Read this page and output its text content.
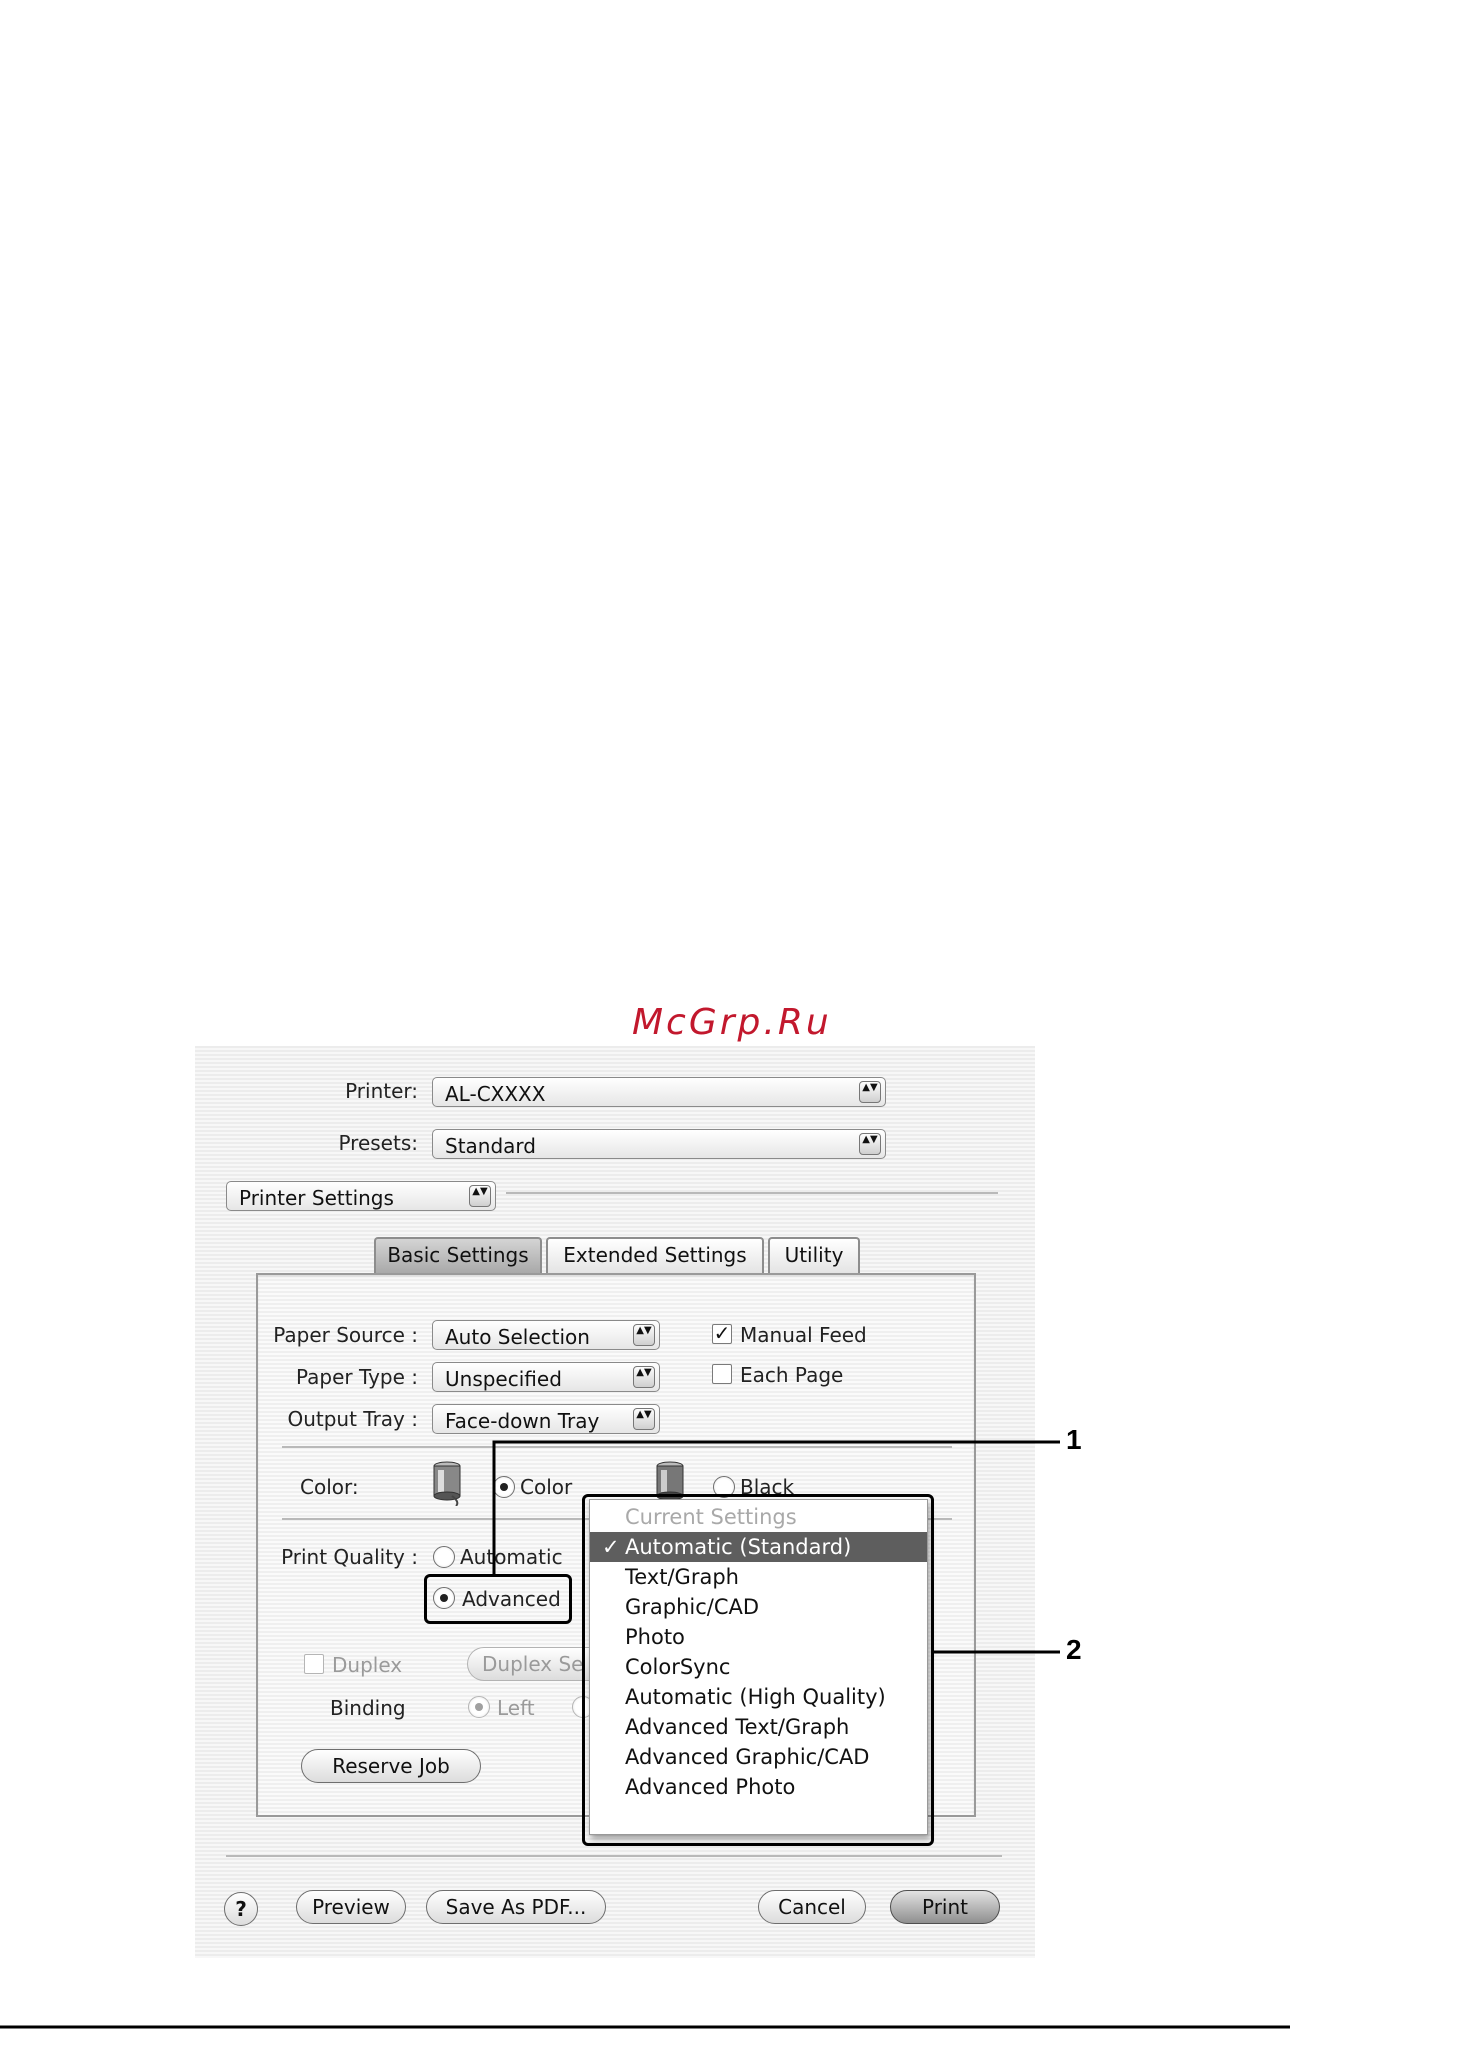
McGrp.Ru
Printer: AL-CXXXX	▲▼
Presets: Standard	▲▼
Printer Settings	▲▼
Basic Settings	Extended Settings	Utility
Paper Source : Auto Selection	▲▼
Paper Type : Unspecified	▲▼
Output Tray : Face-down Tray	▲▼
✓ Manual Feed
Each Page
Color:	Color	Black
Print Quality : Automatic
Advanced
Duplex	Duplex Se
Binding	Left
Reserve Job
?	Preview	Save As PDF...	Cancel	Print
Current Settings
✓ Automatic (Standard)
Text/Graph
Graphic/CAD
Photo
ColorSync
Automatic (High Quality)
Advanced Text/Graph
Advanced Graphic/CAD
Advanced Photo
1
2
